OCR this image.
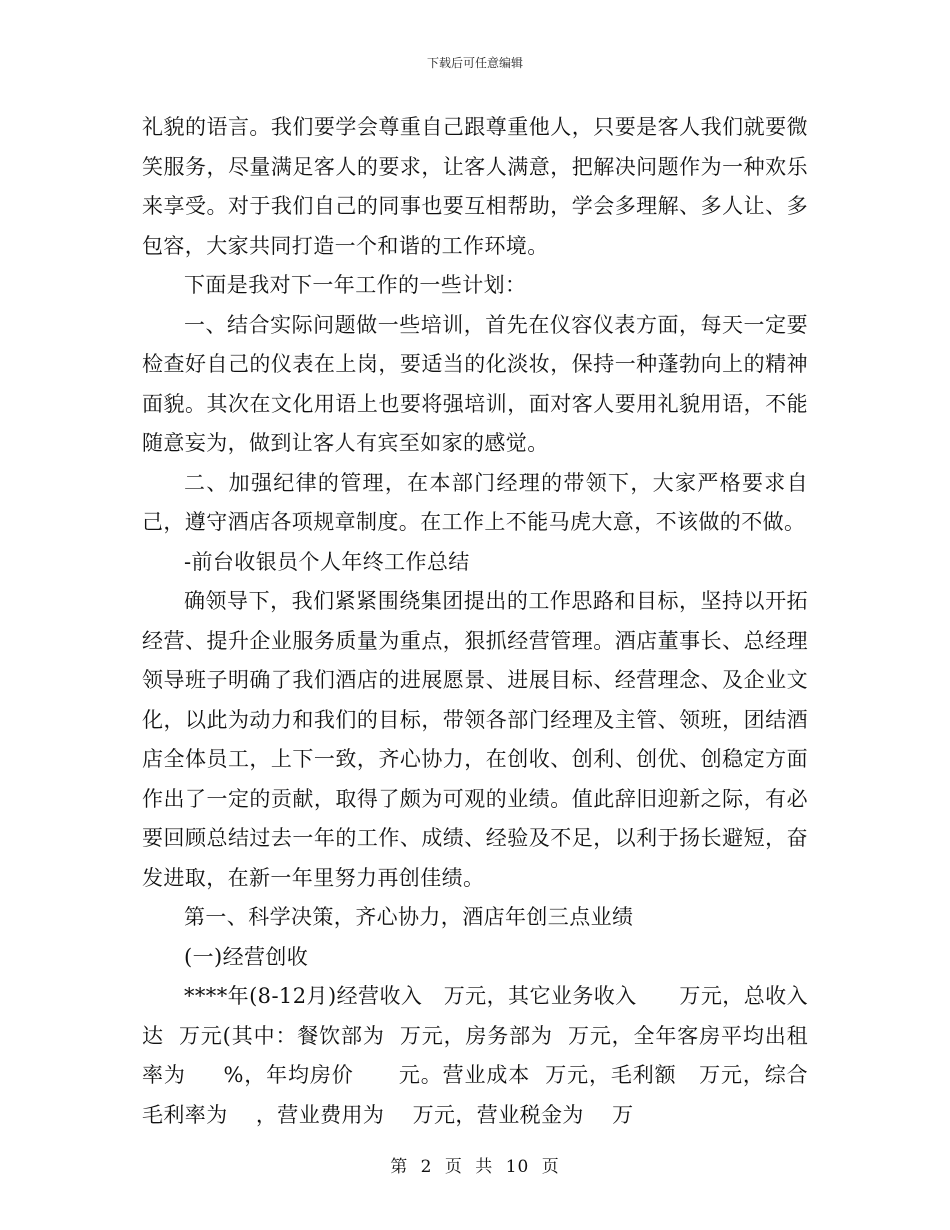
下载后可任意编辑

礼貌的语言。我们要学会尊重自己跟尊重他人，只要是客人我们就要微笑服务，尽量满足客人的要求，让客人满意，把解决问题作为一种欢乐来享受。对于我们自己的同事也要互相帮助，学会多理解、多人让、多包容，大家共同打造一个和谐的工作环境。

下面是我对下一年工作的一些计划：

一、结合实际问题做一些培训，首先在仪容仪表方面，每天一定要检查好自己的仪表在上岗，要适当的化淡妆，保持一种蓬勃向上的精神面貌。其次在文化用语上也要将强培训，面对客人要用礼貌用语，不能随意妄为，做到让客人有宾至如家的感觉。

二、加强纪律的管理，在本部门经理的带领下，大家严格要求自己，遵守酒店各项规章制度。在工作上不能马虎大意，不该做的不做。

-前台收银员个人年终工作总结

确领导下，我们紧紧围绕集团提出的工作思路和目标，坚持以开拓经营、提升企业服务质量为重点，狠抓经营管理。酒店董事长、总经理领导班子明确了我们酒店的进展愿景、进展目标、经营理念、及企业文化，以此为动力和我们的目标，带领各部门经理及主管、领班，团结酒店全体员工，上下一致，齐心协力，在创收、创利、创优、创稳定方面作出了一定的贡献，取得了颇为可观的业绩。值此辞旧迎新之际，有必要回顾总结过去一年的工作、成绩、经验及不足，以利于扬长避短，奋发进取，在新一年里努力再创佳绩。

第一、科学决策，齐心协力，酒店年创三点业绩

(一)经营创收

****年(8-12月)经营收入   万元，其它业务收入      万元，总收入达  万元(其中：餐饮部为  万元，房务部为  万元，全年客房平均出租率为     %，年均房价      元。营业成本  万元，毛利额   万元，综合毛利率为    ，营业费用为    万元，营业税金为    万

第 2 页 共 10 页
